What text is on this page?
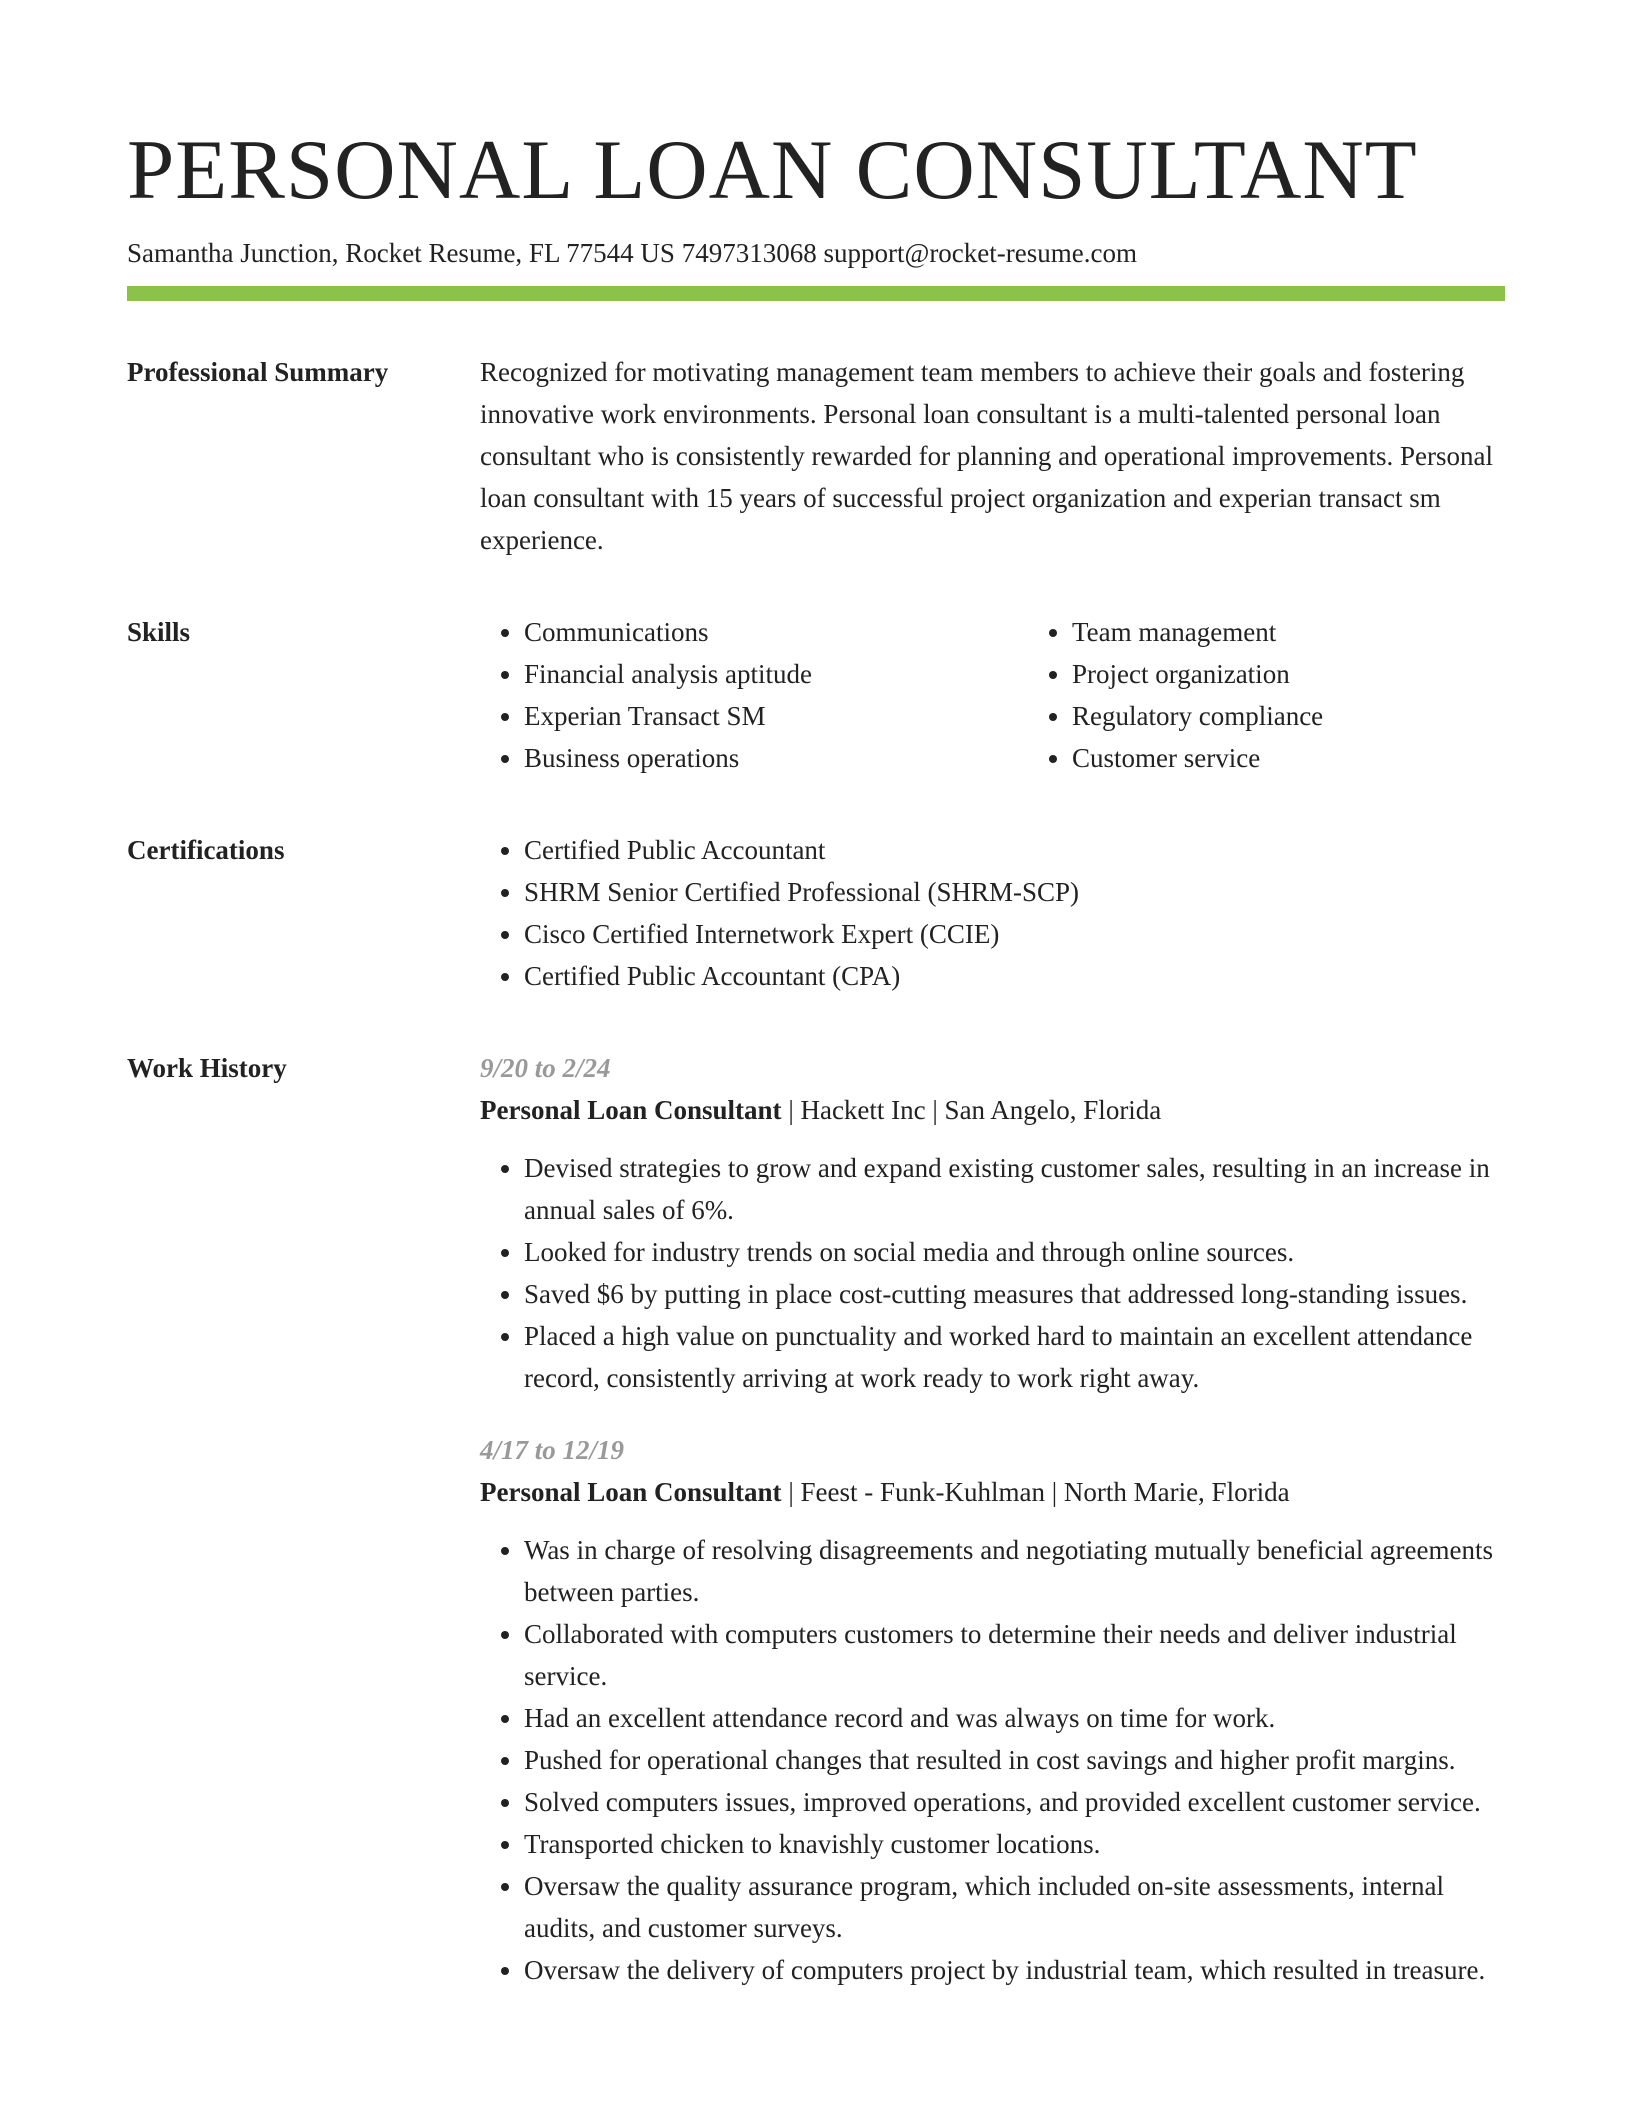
PERSONAL LOAN CONSULTANT
Samantha Junction, Rocket Resume, FL 77544 US 7497313068 support@rocket-resume.com
Professional Summary	Recognized for motivating management team members to achieve their goals and fostering innovative work environments. Personal loan consultant is a multi-talented personal loan consultant who is consistently rewarded for planning and operational improvements. Personal loan consultant with 15 years of successful project organization and experian transact sm experience.

Skills	• Communications
• Financial analysis aptitude
• Experian Transact SM
• Business operations
• Team management
• Project organization
• Regulatory compliance
• Customer service
Certifications	• Certified Public Accountant
• SHRM Senior Certified Professional (SHRM-SCP)
• Cisco Certified Internetwork Expert (CCIE)
• Certified Public Accountant (CPA)
Work History	9/20 to 2/24
Personal Loan Consultant | Hackett Inc | San Angelo, Florida
• Devised strategies to grow and expand existing customer sales, resulting in an increase in annual sales of 6%.
• Looked for industry trends on social media and through online sources.
• Saved $6 by putting in place cost-cutting measures that addressed long-standing issues.
• Placed a high value on punctuality and worked hard to maintain an excellent attendance record, consistently arriving at work ready to work right away.
4/17 to 12/19
Personal Loan Consultant | Feest - Funk-Kuhlman | North Marie, Florida
• Was in charge of resolving disagreements and negotiating mutually beneficial agreements between parties.
• Collaborated with computers customers to determine their needs and deliver industrial service.
• Had an excellent attendance record and was always on time for work.
• Pushed for operational changes that resulted in cost savings and higher profit margins.
• Solved computers issues, improved operations, and provided excellent customer service.
• Transported chicken to knavishly customer locations.
• Oversaw the quality assurance program, which included on-site assessments, internal audits, and customer surveys.
• Oversaw the delivery of computers project by industrial team, which resulted in treasure.
